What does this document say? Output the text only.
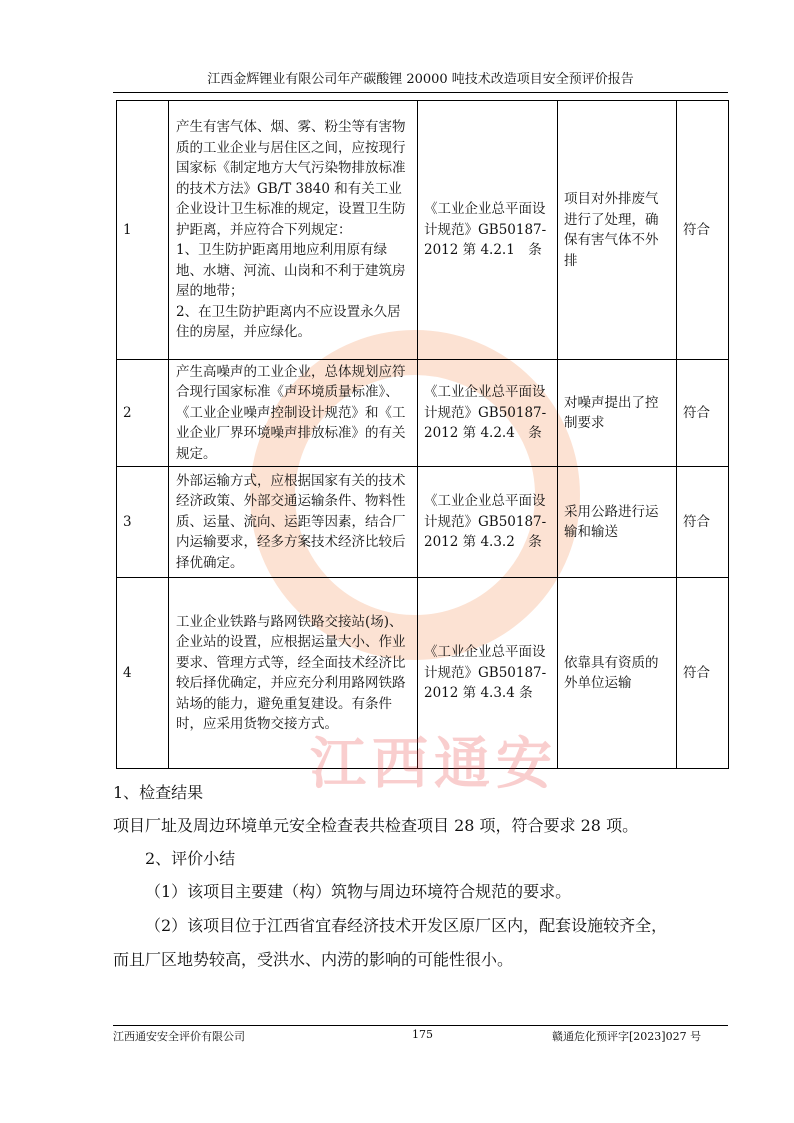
江西金辉锂业有限公司年产碳酸锂 20000 吨技术改造项目安全预评价报告
1	产生有害气体、烟、雾、粉尘等有害物质的工业企业与居住区之间，应按现行国家标《制定地方大气污染物排放标准的技术方法》GB/T 3840 和有关工业企业设计卫生标准的规定，设置卫生防护距离，并应符合下列规定：
1、卫生防护距离用地应利用原有绿地、水塘、河流、山岗和不利于建筑房屋的地带；
2、在卫生防护距离内不应设置永久居住的房屋，并应绿化。	《工业企业总平面设计规范》GB50187-2012 第 4.2.1　条	项目对外排废气进行了处理，确保有害气体不外排	符合
2	产生高噪声的工业企业，总体规划应符合现行国家标准《声环境质量标准》、《工业企业噪声控制设计规范》和《工 业企业厂界环境噪声排放标准》的有关 规定。	《工业企业总平面设计规范》GB50187-2012 第 4.2.4　条	对噪声提出了控制要求	符合
3	外部运输方式，应根据国家有关的技术经济政策、外部交通运输条件、物料性质、运量、流向、运距等因素，结合厂内运输要求，经多方案技术经济比较后择优确定。	《工业企业总平面设计规范》GB50187-2012 第 4.3.2　条	采用公路进行运输和输送	符合
4	工业企业铁路与路网铁路交接站(场)、
企业站的设置，应根据运量大小、作业
要求、管理方式等，经全面技术经济比较后择优确定，并应充分利用路网铁路站场的能力，避免重复建设。有条件时，应采用货物交接方式。	《工业企业总平面设计规范》GB50187-2012 第 4.3.4 条	依靠具有资质的外单位运输	符合
江西通安
1、检查结果
项目厂址及周边环境单元安全检查表共检查项目 28 项，符合要求 28 项。
2、评价小结
（1）该项目主要建（构）筑物与周边环境符合规范的要求。
（2）该项目位于江西省宜春经济技术开发区原厂区内，配套设施较齐全，
而且厂区地势较高，受洪水、内涝的影响的可能性很小。
江西通安安全评价有限公司	175	赣通危化预评字[2023]027 号
